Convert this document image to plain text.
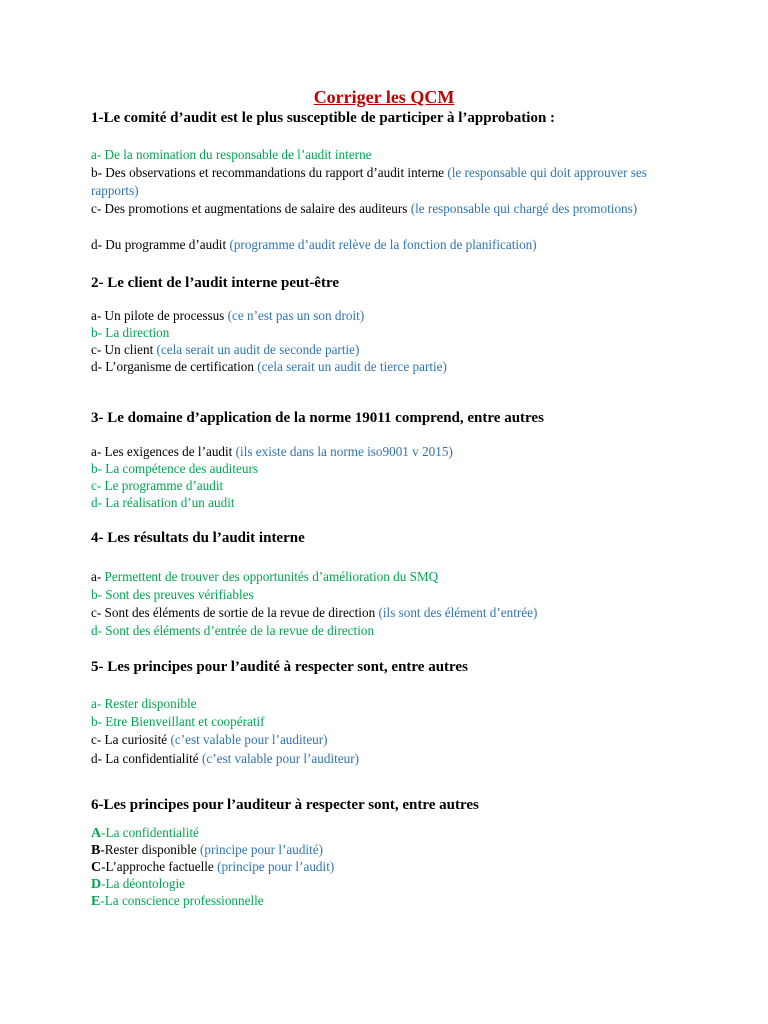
Corriger les QCM
1-Le comité d’audit est le plus susceptible de participer à l’approbation :
a- De la nomination du responsable de l’audit interne
b- Des observations et recommandations du rapport d’audit interne (le responsable qui doit approuver ses rapports)
c- Des promotions et augmentations de salaire des auditeurs (le responsable qui chargé des promotions)
d- Du programme d’audit (programme d’audit relève de la fonction de planification)
2- Le client de l’audit interne peut-être
a- Un pilote de processus (ce n’est pas un son droit)
b- La direction
c- Un client (cela serait un audit de seconde partie)
d- L’organisme de certification (cela serait un audit de tierce partie)
3- Le domaine d’application de la norme 19011 comprend, entre autres
a- Les exigences de l’audit (ils existe dans la norme iso9001 v 2015)
b- La compétence des auditeurs
c- Le programme d’audit
d- La réalisation d’un audit
4- Les résultats du l’audit interne
a- Permettent de trouver des opportunités d’amélioration du SMQ
b- Sont des preuves vérifiables
c- Sont des éléments de sortie de la revue de direction (ils sont des élément d’entrée)
d- Sont des éléments d’entrée de la revue de direction
5- Les principes pour l’audité à respecter sont, entre autres
a- Rester disponible
b- Etre Bienveillant et coopératif
c- La curiosité (c’est valable pour l’auditeur)
d- La confidentialité (c’est valable pour l’auditeur)
6-Les principes pour l’auditeur à respecter sont, entre autres
A-La confidentialité
B-Rester disponible (principe pour l’audité)
C-L’approche factuelle (principe pour l’audit)
D-La déontologie
E-La conscience professionnelle
